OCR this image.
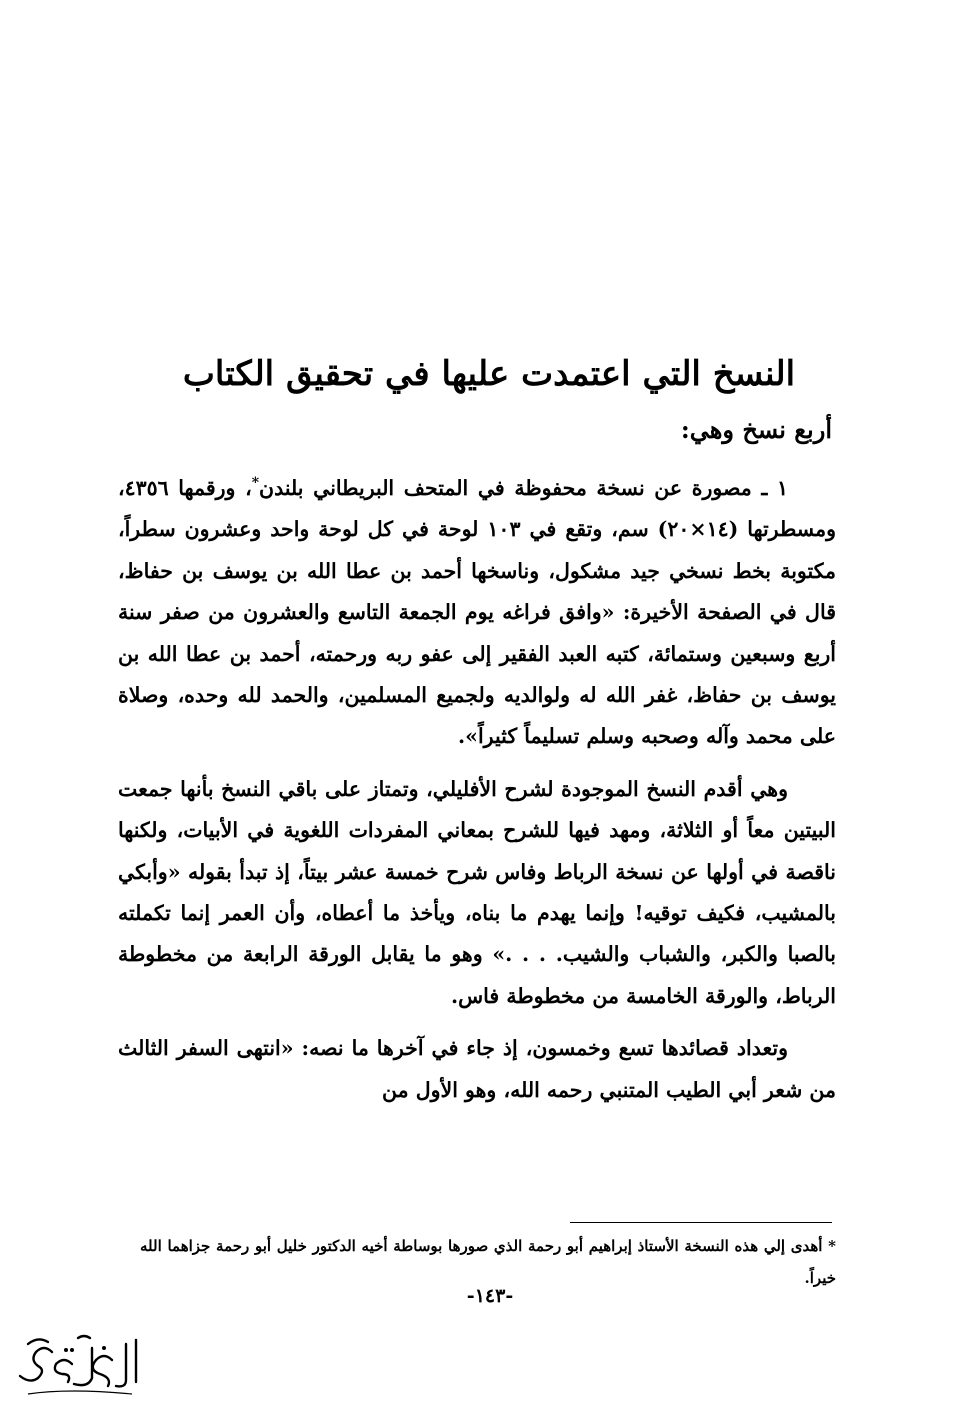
النسخ التي اعتمدت عليها في تحقيق الكتاب
أربع نسخ وهي:

١ ـ مصورة عن نسخة محفوظة في المتحف البريطاني بلندن*، ورقمها ٤٣٥٦، ومسطرتها (١٤×٢٠) سم، وتقع في ١٠٣ لوحة في كل لوحة واحد وعشرون سطراً، مكتوبة بخط نسخي جيد مشكول، وناسخها أحمد بن عطا الله بن يوسف بن حفاظ، قال في الصفحة الأخيرة: «وافق فراغه يوم الجمعة التاسع والعشرون من صفر سنة أربع وسبعين وستمائة، كتبه العبد الفقير إلى عفو ربه ورحمته، أحمد بن عطا الله بن يوسف بن حفاظ، غفر الله له ولوالديه ولجميع المسلمين، والحمد لله وحده، وصلاة على محمد وآله وصحبه وسلم تسليماً كثيراً».

وهي أقدم النسخ الموجودة لشرح الأفليلي، وتمتاز على باقي النسخ بأنها جمعت البيتين معاً أو الثلاثة، ومهد فيها للشرح بمعاني المفردات اللغوية في الأبيات، ولكنها ناقصة في أولها عن نسخة الرباط وفاس شرح خمسة عشر بيتاً، إذ تبدأ بقوله «وأبكي بالمشيب، فكيف توقيه! وإنما يهدم ما بناه، ويأخذ ما أعطاه، وأن العمر إنما تكملته بالصبا والكبر، والشباب والشيب. . . .» وهو ما يقابل الورقة الرابعة من مخطوطة الرباط، والورقة الخامسة من مخطوطة فاس.

وتعداد قصائدها تسع وخمسون، إذ جاء في آخرها ما نصه: «انتهى السفر الثالث من شعر أبي الطيب المتنبي رحمه الله، وهو الأول من

* أهدى إلي هذه النسخة الأستاذ إبراهيم أبو رحمة الذي صورها بوساطة أخيه الدكتور خليل أبو رحمة جزاهما الله خيراً.
-١٤٣-
